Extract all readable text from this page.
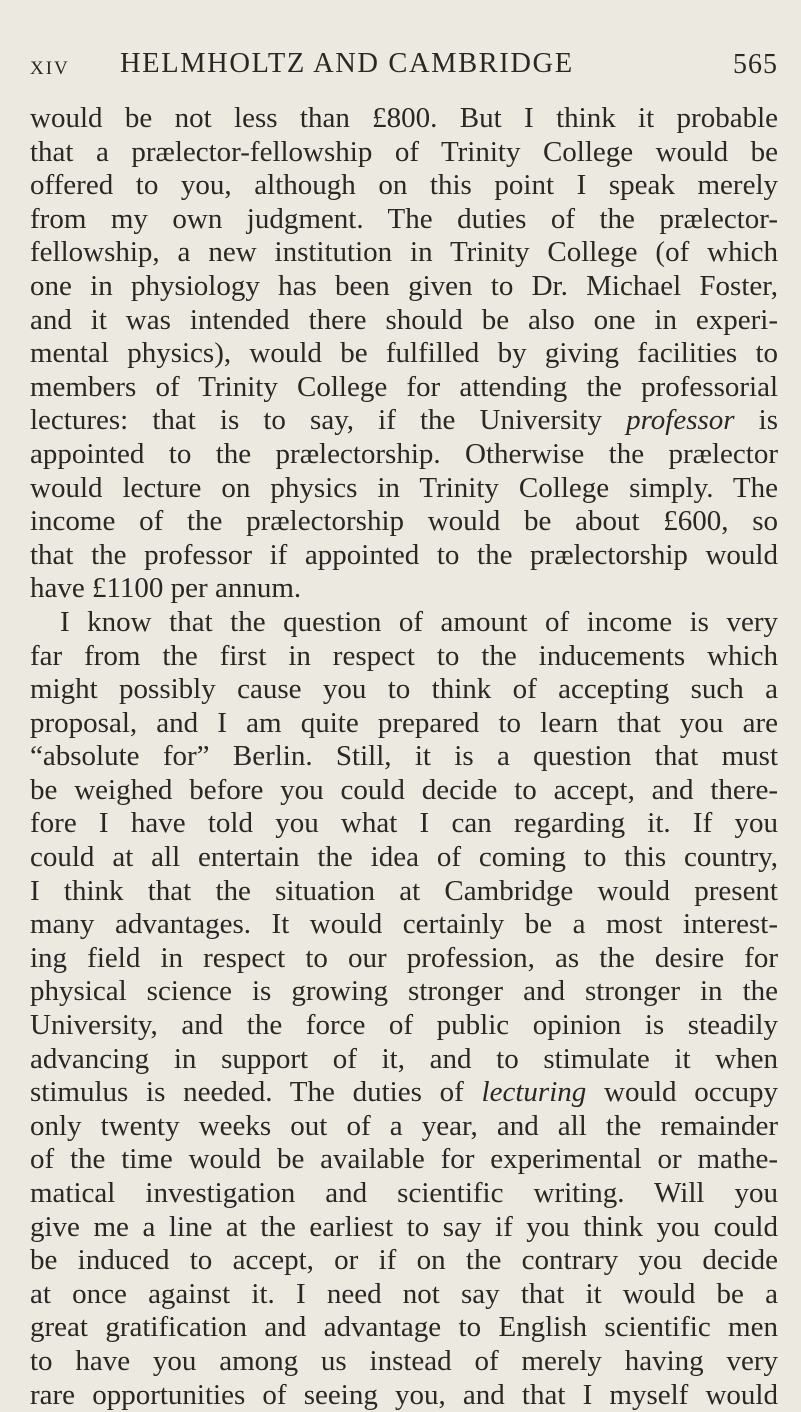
XIV HELMHOLTZ AND CAMBRIDGE	565
would be not less than £800. But I think it probable
that a prælector-fellowship of Trinity College would be
offered to you, although on this point I speak merely
from my own judgment. The duties of the prælector-
fellowship, a new institution in Trinity College (of which
one in physiology has been given to Dr. Michael Foster,
and it was intended there should be also one in experi-
mental physics), would be fulfilled by giving facilities to
members of Trinity College for attending the professorial
lectures: that is to say, if the University professor is
appointed to the prælectorship. Otherwise the prælector
would lecture on physics in Trinity College simply. The
income of the prælectorship would be about £600, so
that the professor if appointed to the prælectorship would
have £1100 per annum.
I know that the question of amount of income is very
far from the first in respect to the inducements which
might possibly cause you to think of accepting such a
proposal, and I am quite prepared to learn that you are
“absolute for” Berlin. Still, it is a question that must
be weighed before you could decide to accept, and there-
fore I have told you what I can regarding it. If you
could at all entertain the idea of coming to this country,
I think that the situation at Cambridge would present
many advantages. It would certainly be a most interest-
ing field in respect to our profession, as the desire for
physical science is growing stronger and stronger in the
University, and the force of public opinion is steadily
advancing in support of it, and to stimulate it when
stimulus is needed. The duties of lecturing would occupy
only twenty weeks out of a year, and all the remainder
of the time would be available for experimental or mathe-
matical investigation and scientific writing. Will you
give me a line at the earliest to say if you think you could
be induced to accept, or if on the contrary you decide
at once against it. I need not say that it would be a
great gratification and advantage to English scientific men
to have you among us instead of merely having very
rare opportunities of seeing you, and that I myself would
